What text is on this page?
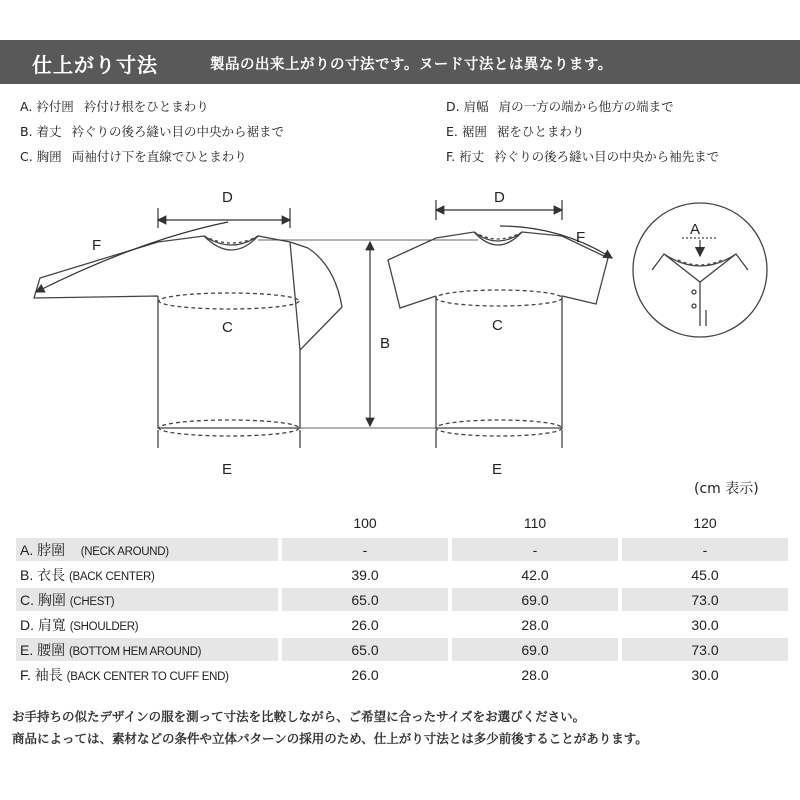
仕上がり寸法	製品の出来上がりの寸法です。ヌード寸法とは異なります。
A. 衿付囲 衿付け根をひとまわり
B. 着丈 衿ぐりの後ろ縫い目の中央から裾まで
C. 胸囲 両袖付け下を直線でひとまわり
D. 肩幅 肩の一方の端から他方の端まで
E. 裾囲 裾をひとまわり
F. 裄丈 衿ぐりの後ろ縫い目の中央から袖先まで
D
F
C
E
B
D
F
C
E
A
(cm 表示)
	100	110	120
A. 脖圍 (NECK AROUND)	-	-	-
B. 衣長 (BACK CENTER)	39.0	42.0	45.0
C. 胸圍 (CHEST)	65.0	69.0	73.0
D. 肩寬 (SHOULDER)	26.0	28.0	30.0
E. 腰圍 (BOTTOM HEM AROUND)	65.0	69.0	73.0
F. 袖長 (BACK CENTER TO CUFF END)	26.0	28.0	30.0
お手持ちの似たデザインの服を測って寸法を比較しながら、ご希望に合ったサイズをお選びください。
商品によっては、素材などの条件や立体パターンの採用のため、仕上がり寸法とは多少前後することがあります。
